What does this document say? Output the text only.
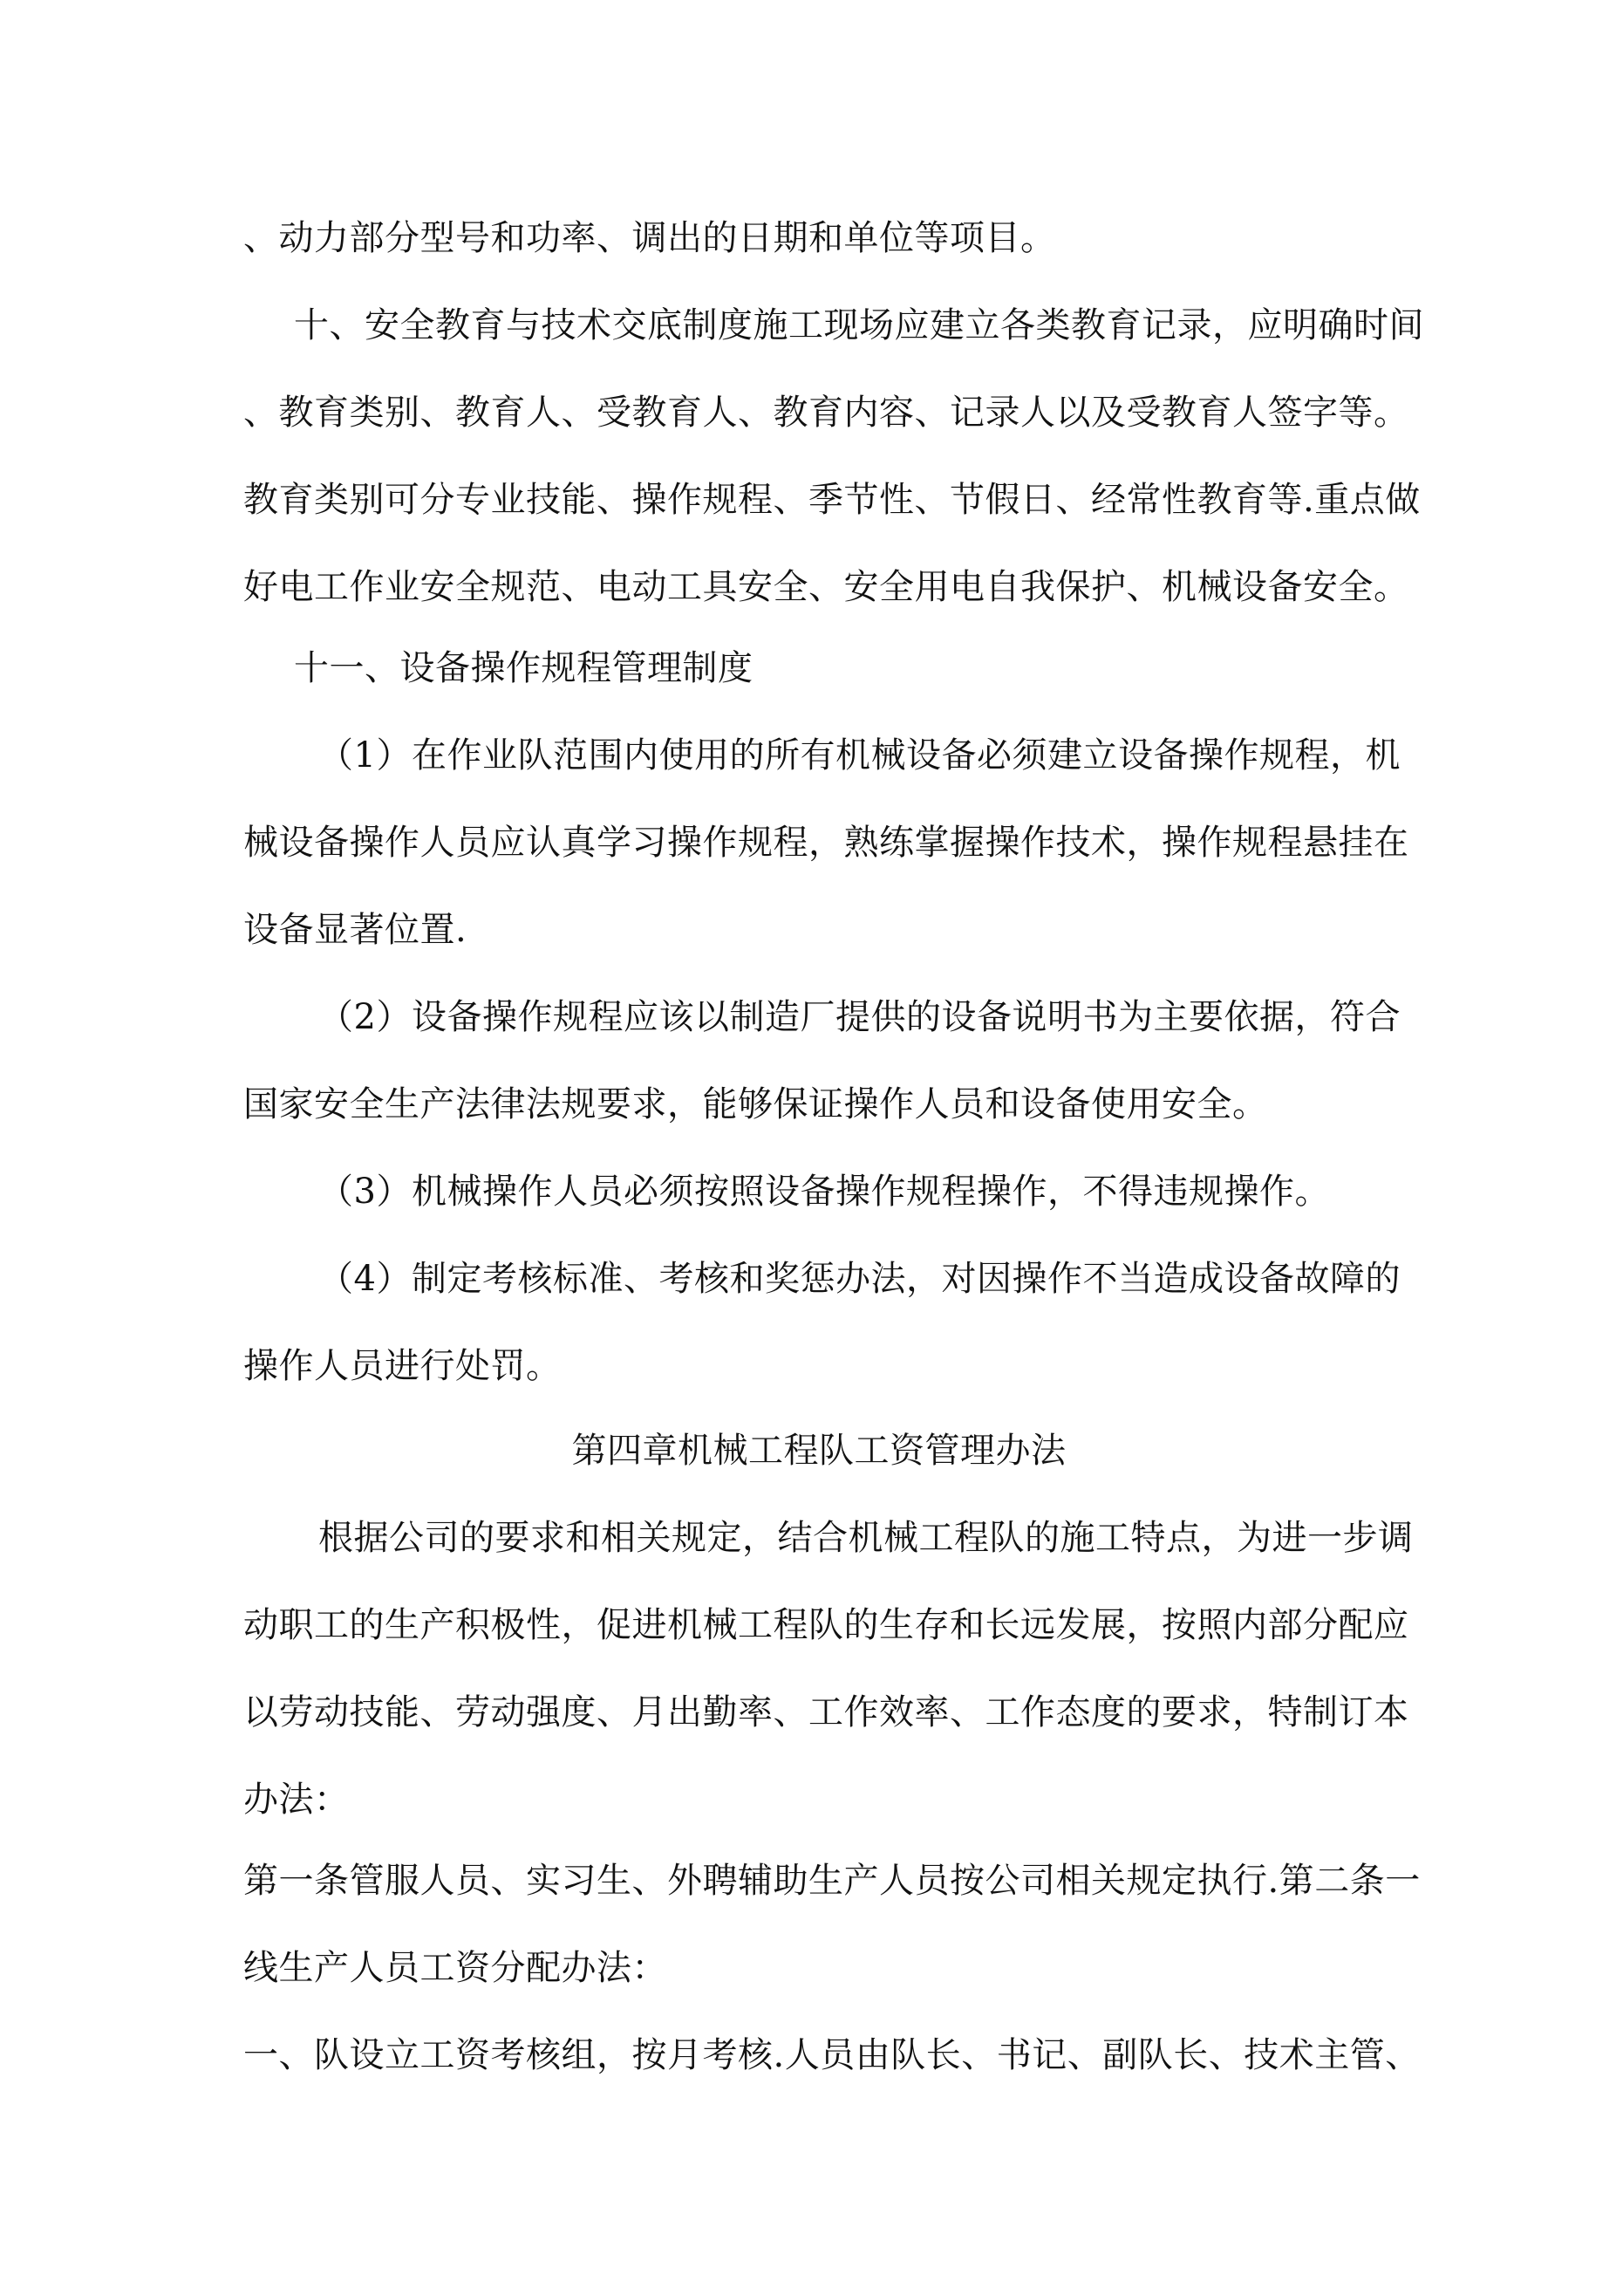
、动力部分型号和功率、调出的日期和单位等项目。
十、安全教育与技术交底制度施工现场应建立各类教育记录，应明确时间
、教育类别、教育人、受教育人、教育内容、记录人以及受教育人签字等。
教育类别可分专业技能、操作规程、季节性、节假日、经常性教育等.重点做
好电工作业安全规范、电动工具安全、安全用电自我保护、机械设备安全。
十一、设备操作规程管理制度
（1）在作业队范围内使用的所有机械设备必须建立设备操作规程，机
械设备操作人员应认真学习操作规程，熟练掌握操作技术，操作规程悬挂在
设备显著位置.
（2）设备操作规程应该以制造厂提供的设备说明书为主要依据，符合
国家安全生产法律法规要求，能够保证操作人员和设备使用安全。
（3）机械操作人员必须按照设备操作规程操作，不得违规操作。
（4）制定考核标准、考核和奖惩办法，对因操作不当造成设备故障的
操作人员进行处罚。
第四章机械工程队工资管理办法
根据公司的要求和相关规定，结合机械工程队的施工特点，为进一步调
动职工的生产积极性，促进机械工程队的生存和长远发展，按照内部分配应
以劳动技能、劳动强度、月出勤率、工作效率、工作态度的要求，特制订本
办法：
第一条管服人员、实习生、外聘辅助生产人员按公司相关规定执行.第二条一
线生产人员工资分配办法：
一、队设立工资考核组，按月考核.人员由队长、书记、副队长、技术主管、
